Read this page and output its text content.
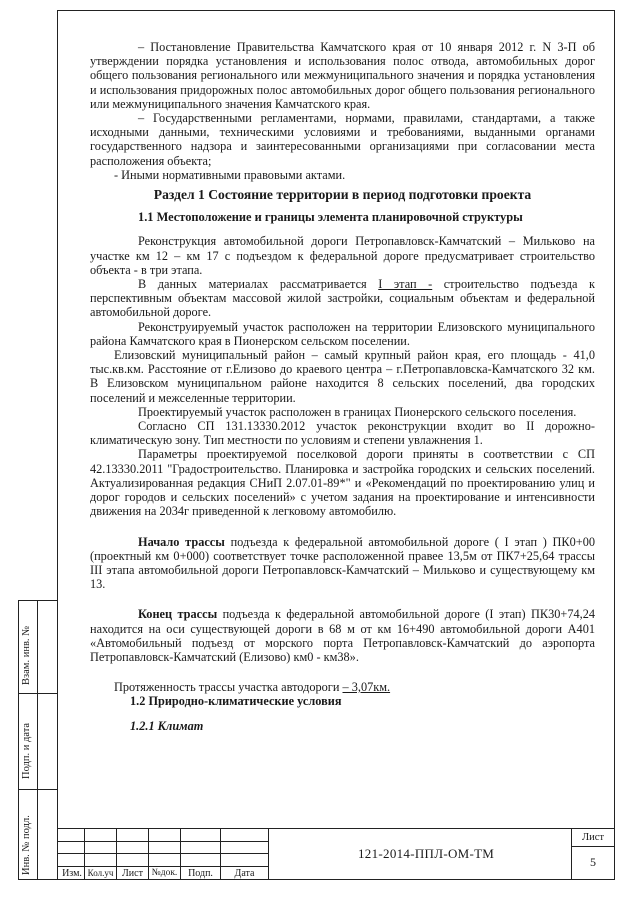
– Постановление Правительства Камчатского края от 10 января 2012 г. N 3-П об утверждении порядка установления и использования полос отвода, автомобильных дорог общего пользования регионального или межмуниципального значения и порядка установления и использования придорожных полос автомобильных дорог общего пользования регионального или межмуниципального значения Камчатского края.

– Государственными регламентами, нормами, правилами, стандартами, а также исходными данными, техническими условиями и требованиями, выданными органами государственного надзора и заинтересованными организациями при согласовании места расположения объекта;

- Иными нормативными правовыми актами.

Раздел 1 Состояние территории в период подготовки проекта

1.1 Местоположение и границы элемента планировочной структуры

Реконструкция автомобильной дороги Петропавловск-Камчатский – Мильково на участке км 12 – км 17 с подъездом к федеральной дороге предусматривает строительство объекта - в три этапа.

В данных материалах рассматривается I этап - строительство подъезда к перспективным объектам массовой жилой застройки, социальным объектам и федеральной автомобильной дороге.

Реконструируемый участок расположен на территории Елизовского муниципального района Камчатского края в Пионерском сельском поселении.

Елизовский муниципальный район – самый крупный район края, его площадь - 41,0 тыс.кв.км. Расстояние от г.Елизово до краевого центра – г.Петропавловска-Камчатского 32 км. В Елизовском муниципальном районе находится 8 сельских поселений, два городских поселений и межселенные территории.

Проектируемый участок расположен в границах Пионерского сельского поселения.

Согласно СП 131.13330.2012 участок реконструкции входит во II дорожно-климатическую зону. Тип местности по условиям и степени увлажнения 1.

Параметры проектируемой поселковой дороги приняты в соответствии с СП 42.13330.2011 "Градостроительство. Планировка и застройка городских и сельских поселений. Актуализированная редакция СНиП 2.07.01-89*" и «Рекомендаций по проектированию улиц и дорог городов и сельских поселений» с учетом задания на проектирование и интенсивности движения на 2034г приведенной к легковому автомобилю.

Начало трассы подъезда к федеральной автомобильной дороге ( I этап ) ПК0+00 (проектный км 0+000) соответствует точке расположенной правее 13,5м от ПК7+25,64 трассы III этапа автомобильной дороги Петропавловск-Камчатский – Мильково и существующему км 13.

Конец трассы подъезда к федеральной автомобильной дороге (I этап) ПК30+74,24 находится на оси существующей дороги в 68 м от км 16+490 автомобильной дороги А401 «Автомобильный подъезд от морского порта Петропавловск-Камчатский до аэропорта Петропавловск-Камчатский (Елизово) км0 - км38».

Протяженность трассы участка автодороги – 3,07км.

1.2 Природно-климатические условия

1.2.1 Климат

Взам. инв. №
Подп. и дата
Инв. № подл.	Изм. Кол.уч Лист №док.	Подп.	Дата
121-2014-ППЛ-ОМ-ТМ
Лист
5
